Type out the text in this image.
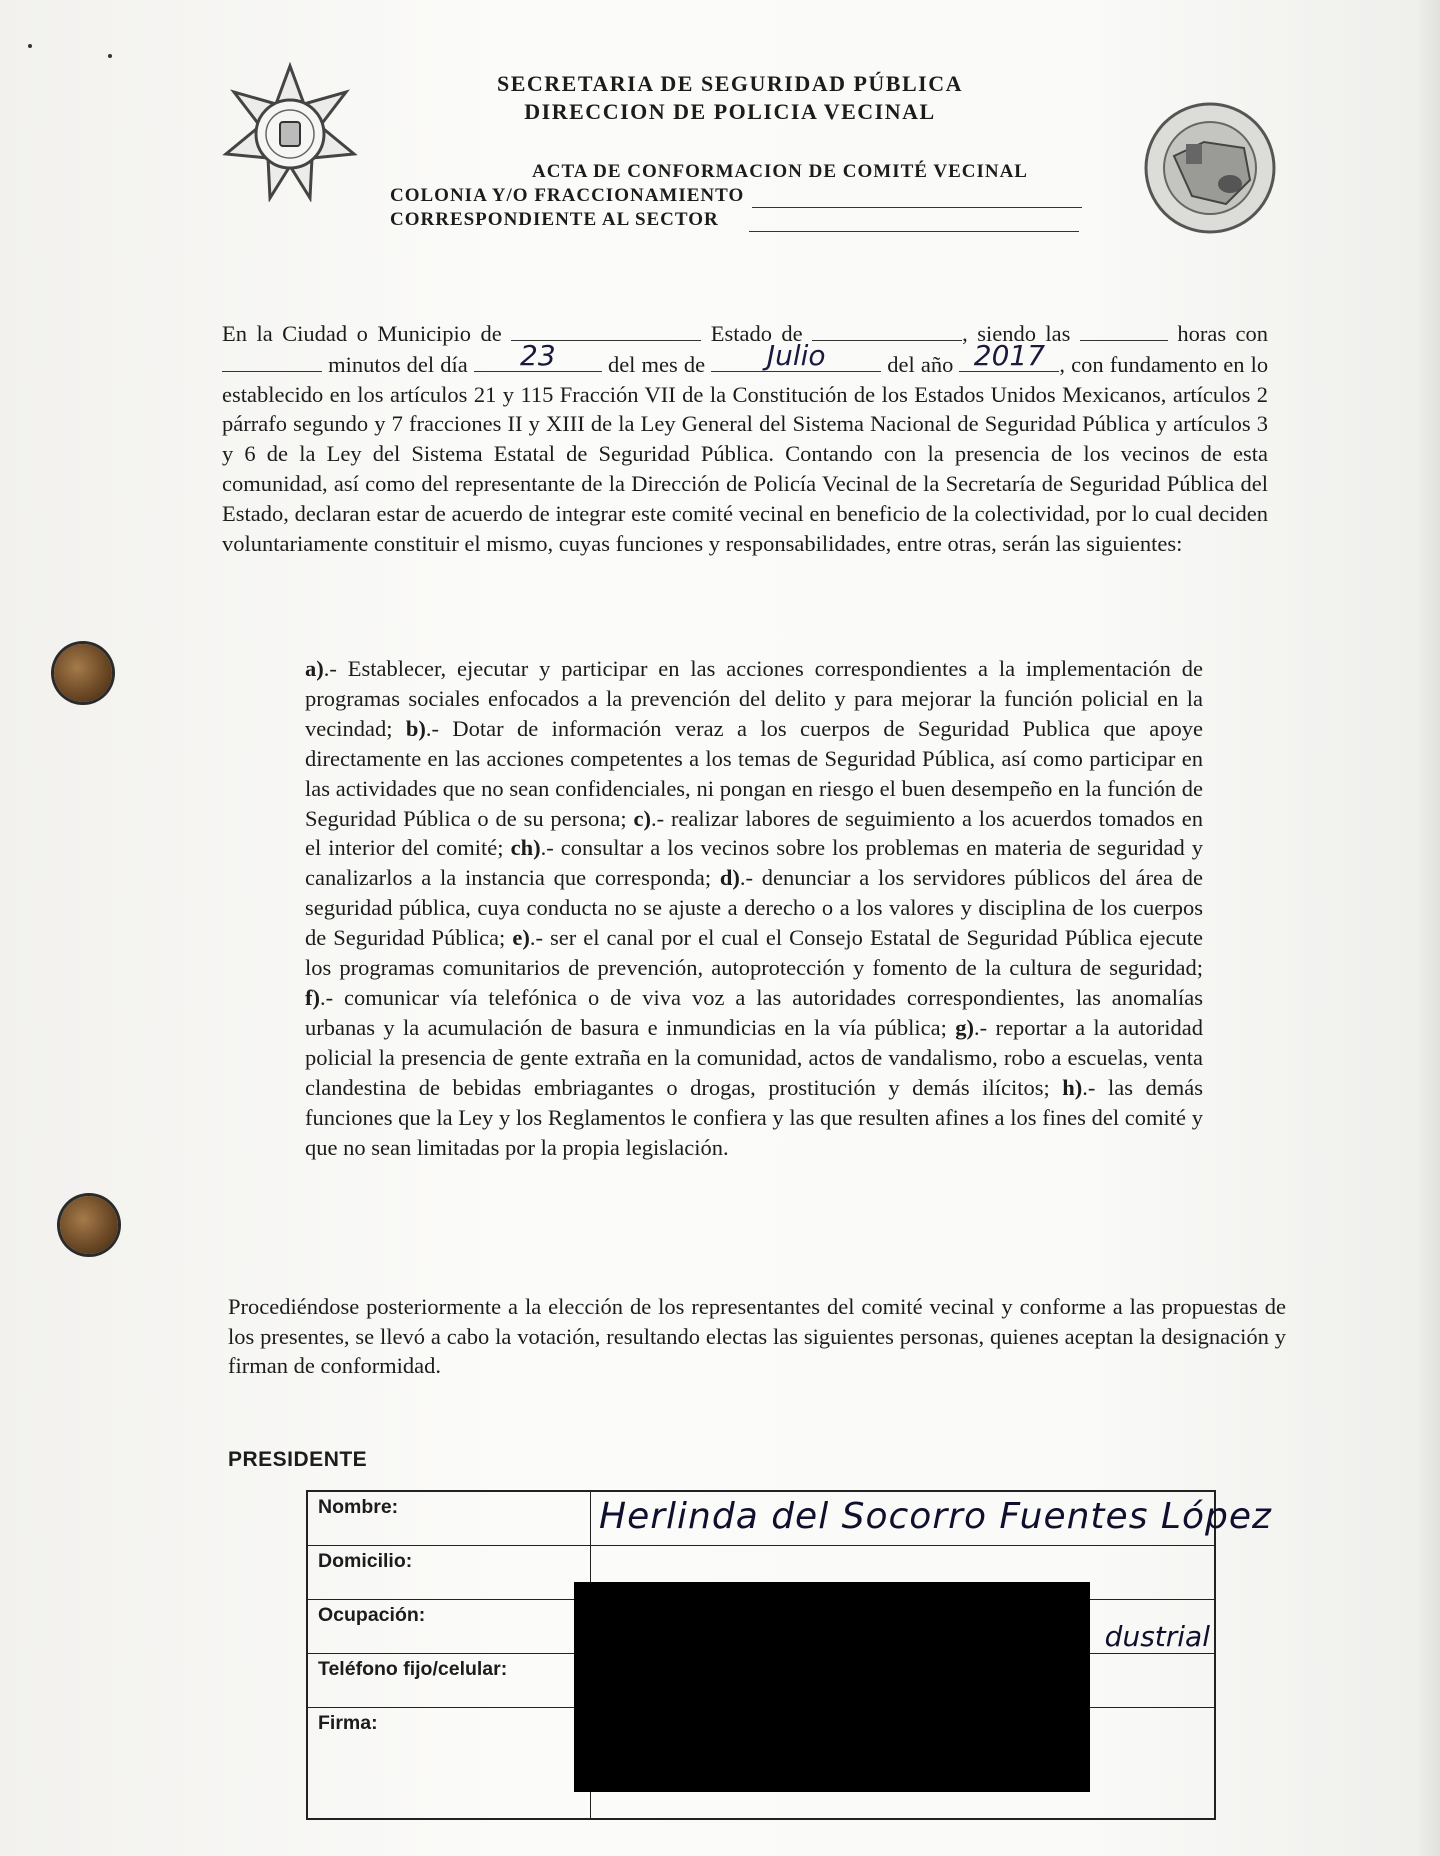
SECRETARIA DE SEGURIDAD PÚBLICA
DIRECCION DE POLICIA VECINAL
ACTA DE CONFORMACION DE COMITÉ VECINAL
COLONIA Y/O FRACCIONAMIENTO
CORRESPONDIENTE AL SECTOR
En la Ciudad o Municipio de	Estado de	, siendo las	horas con  minutos del día	23	del mes de	Julio	del año 2017 , con fundamento en lo establecido en los artículos 21 y 115 Fracción VII de la Constitución de los Estados Unidos Mexicanos, artículos 2 párrafo segundo y 7 fracciones II y XIII de la Ley General del Sistema Nacional de Seguridad Pública y artículos 3 y 6 de la Ley del Sistema Estatal de Seguridad Pública. Contando con la presencia de los vecinos de esta comunidad, así como del representante de la Dirección de Policía Vecinal de la Secretaría de Seguridad Pública del Estado, declaran estar de acuerdo de integrar este comité vecinal en beneficio de la colectividad, por lo cual deciden voluntariamente constituir el mismo, cuyas funciones y responsabilidades, entre otras, serán las siguientes:
a).- Establecer, ejecutar y participar en las acciones correspondientes a la implementación de programas sociales enfocados a la prevención del delito y para mejorar la función policial en la vecindad; b).- Dotar de información veraz a los cuerpos de Seguridad Publica que apoye directamente en las acciones competentes a los temas de Seguridad Pública, así como participar en las actividades que no sean confidenciales, ni pongan en riesgo el buen desempeño en la función de Seguridad Pública o de su persona; c).- realizar labores de seguimiento a los acuerdos tomados en el interior del comité; ch).- consultar a los vecinos sobre los problemas en materia de seguridad y canalizarlos a la instancia que corresponda; d).- denunciar a los servidores públicos del área de seguridad pública, cuya conducta no se ajuste a derecho o a los valores y disciplina de los cuerpos de Seguridad Pública; e).- ser el canal por el cual el Consejo Estatal de Seguridad Pública ejecute los programas comunitarios de prevención, autoprotección y fomento de la cultura de seguridad; f).- comunicar vía telefónica o de viva voz a las autoridades correspondientes, las anomalías urbanas y la acumulación de basura e inmundicias en la vía pública; g).- reportar a la autoridad policial la presencia de gente extraña en la comunidad, actos de vandalismo, robo a escuelas, venta clandestina de bebidas embriagantes o drogas, prostitución y demás ilícitos; h).- las demás funciones que la Ley y los Reglamentos le confiera y las que resulten afines a los fines del comité y que no sean limitadas por la propia legislación.
Procediéndose posteriormente a la elección de los representantes del comité vecinal y conforme a las propuestas de los presentes, se llevó a cabo la votación, resultando electas las siguientes personas, quienes aceptan la designación y firman de conformidad.
PRESIDENTE
Nombre:	Herlinda del Socorro Fuentes López

Domicilio:	
Ocupación:	dustrial

Teléfono fijo/celular:	
Firma:	
